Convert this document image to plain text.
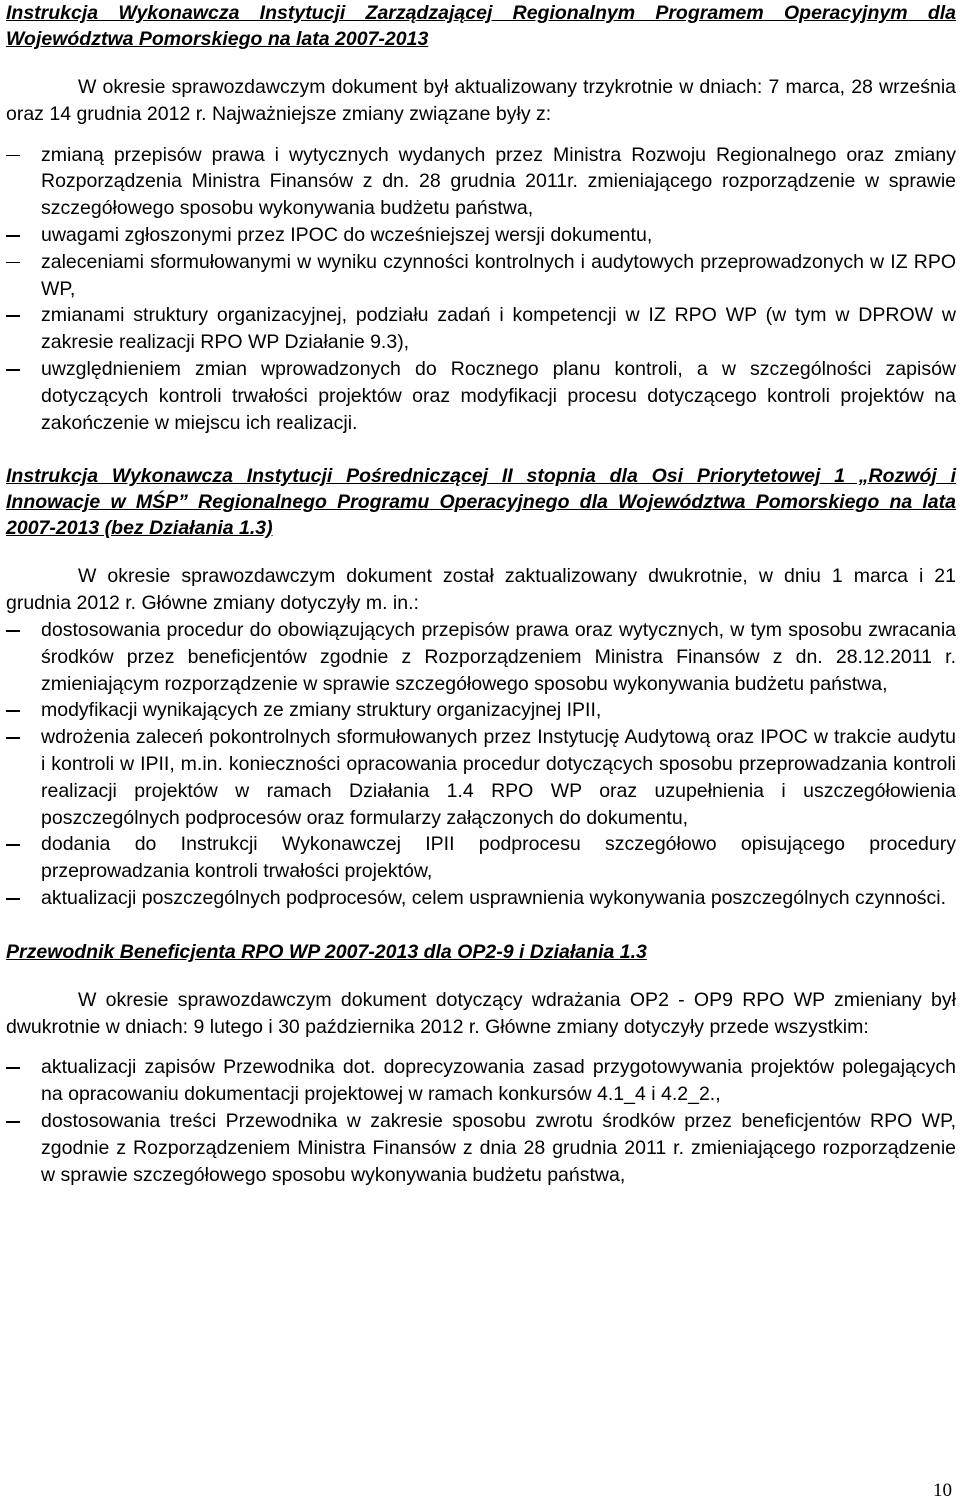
Instrukcja Wykonawcza Instytucji Zarządzającej Regionalnym Programem Operacyjnym dla Województwa Pomorskiego na lata 2007-2013

W okresie sprawozdawczym dokument był aktualizowany trzykrotnie w dniach: 7 marca, 28 września oraz 14 grudnia 2012 r. Najważniejsze zmiany związane były z:

zmianą przepisów prawa i wytycznych wydanych przez Ministra Rozwoju Regionalnego oraz zmiany Rozporządzenia Ministra Finansów z dn. 28 grudnia 2011r. zmieniającego rozporządzenie w sprawie szczegółowego sposobu wykonywania budżetu państwa,
uwagami zgłoszonymi przez IPOC do wcześniejszej wersji dokumentu,
zaleceniami sformułowanymi w wyniku czynności kontrolnych i audytowych przeprowadzonych w IZ RPO WP,
zmianami struktury organizacyjnej, podziału zadań i kompetencji w IZ RPO WP (w tym w DPROW w zakresie realizacji RPO WP Działanie 9.3),
uwzględnieniem zmian wprowadzonych do Rocznego planu kontroli, a w szczególności zapisów dotyczących kontroli trwałości projektów oraz modyfikacji procesu dotyczącego kontroli projektów na zakończenie w miejscu ich realizacji.

Instrukcja Wykonawcza Instytucji Pośredniczącej II stopnia dla Osi Priorytetowej 1 „Rozwój i Innowacje w MŚP” Regionalnego Programu Operacyjnego dla Województwa Pomorskiego na lata 2007-2013 (bez Działania 1.3)

W okresie sprawozdawczym dokument został zaktualizowany dwukrotnie, w dniu 1 marca i 21 grudnia 2012 r. Główne zmiany dotyczyły m. in.:

dostosowania procedur do obowiązujących przepisów prawa oraz wytycznych, w tym sposobu zwracania środków przez beneficjentów zgodnie z Rozporządzeniem Ministra Finansów z dn. 28.12.2011 r. zmieniającym rozporządzenie w sprawie szczegółowego sposobu wykonywania budżetu państwa,
modyfikacji wynikających ze zmiany struktury organizacyjnej IPII,
wdrożenia zaleceń pokontrolnych sformułowanych przez Instytucję Audytową oraz IPOC w trakcie audytu i kontroli w IPII, m.in. konieczności opracowania procedur dotyczących sposobu przeprowadzania kontroli realizacji projektów w ramach Działania 1.4 RPO WP oraz uzupełnienia i uszczegółowienia poszczególnych podprocesów oraz formularzy załączonych do dokumentu,
dodania do Instrukcji Wykonawczej IPII podprocesu szczegółowo opisującego procedury przeprowadzania kontroli trwałości projektów,
aktualizacji poszczególnych podprocesów, celem usprawnienia wykonywania poszczególnych czynności.

Przewodnik Beneficjenta RPO WP 2007-2013 dla OP2-9 i Działania 1.3

W okresie sprawozdawczym dokument dotyczący wdrażania OP2 - OP9 RPO WP zmieniany był dwukrotnie w dniach: 9 lutego i 30 października 2012 r. Główne zmiany dotyczyły przede wszystkim:

aktualizacji zapisów Przewodnika dot. doprecyzowania zasad przygotowywania projektów polegających na opracowaniu dokumentacji projektowej w ramach konkursów 4.1_4 i 4.2_2.,
dostosowania treści Przewodnika w zakresie sposobu zwrotu środków przez beneficjentów RPO WP, zgodnie z Rozporządzeniem Ministra Finansów z dnia 28 grudnia 2011 r. zmieniającego rozporządzenie w sprawie szczegółowego sposobu wykonywania budżetu państwa,
10
